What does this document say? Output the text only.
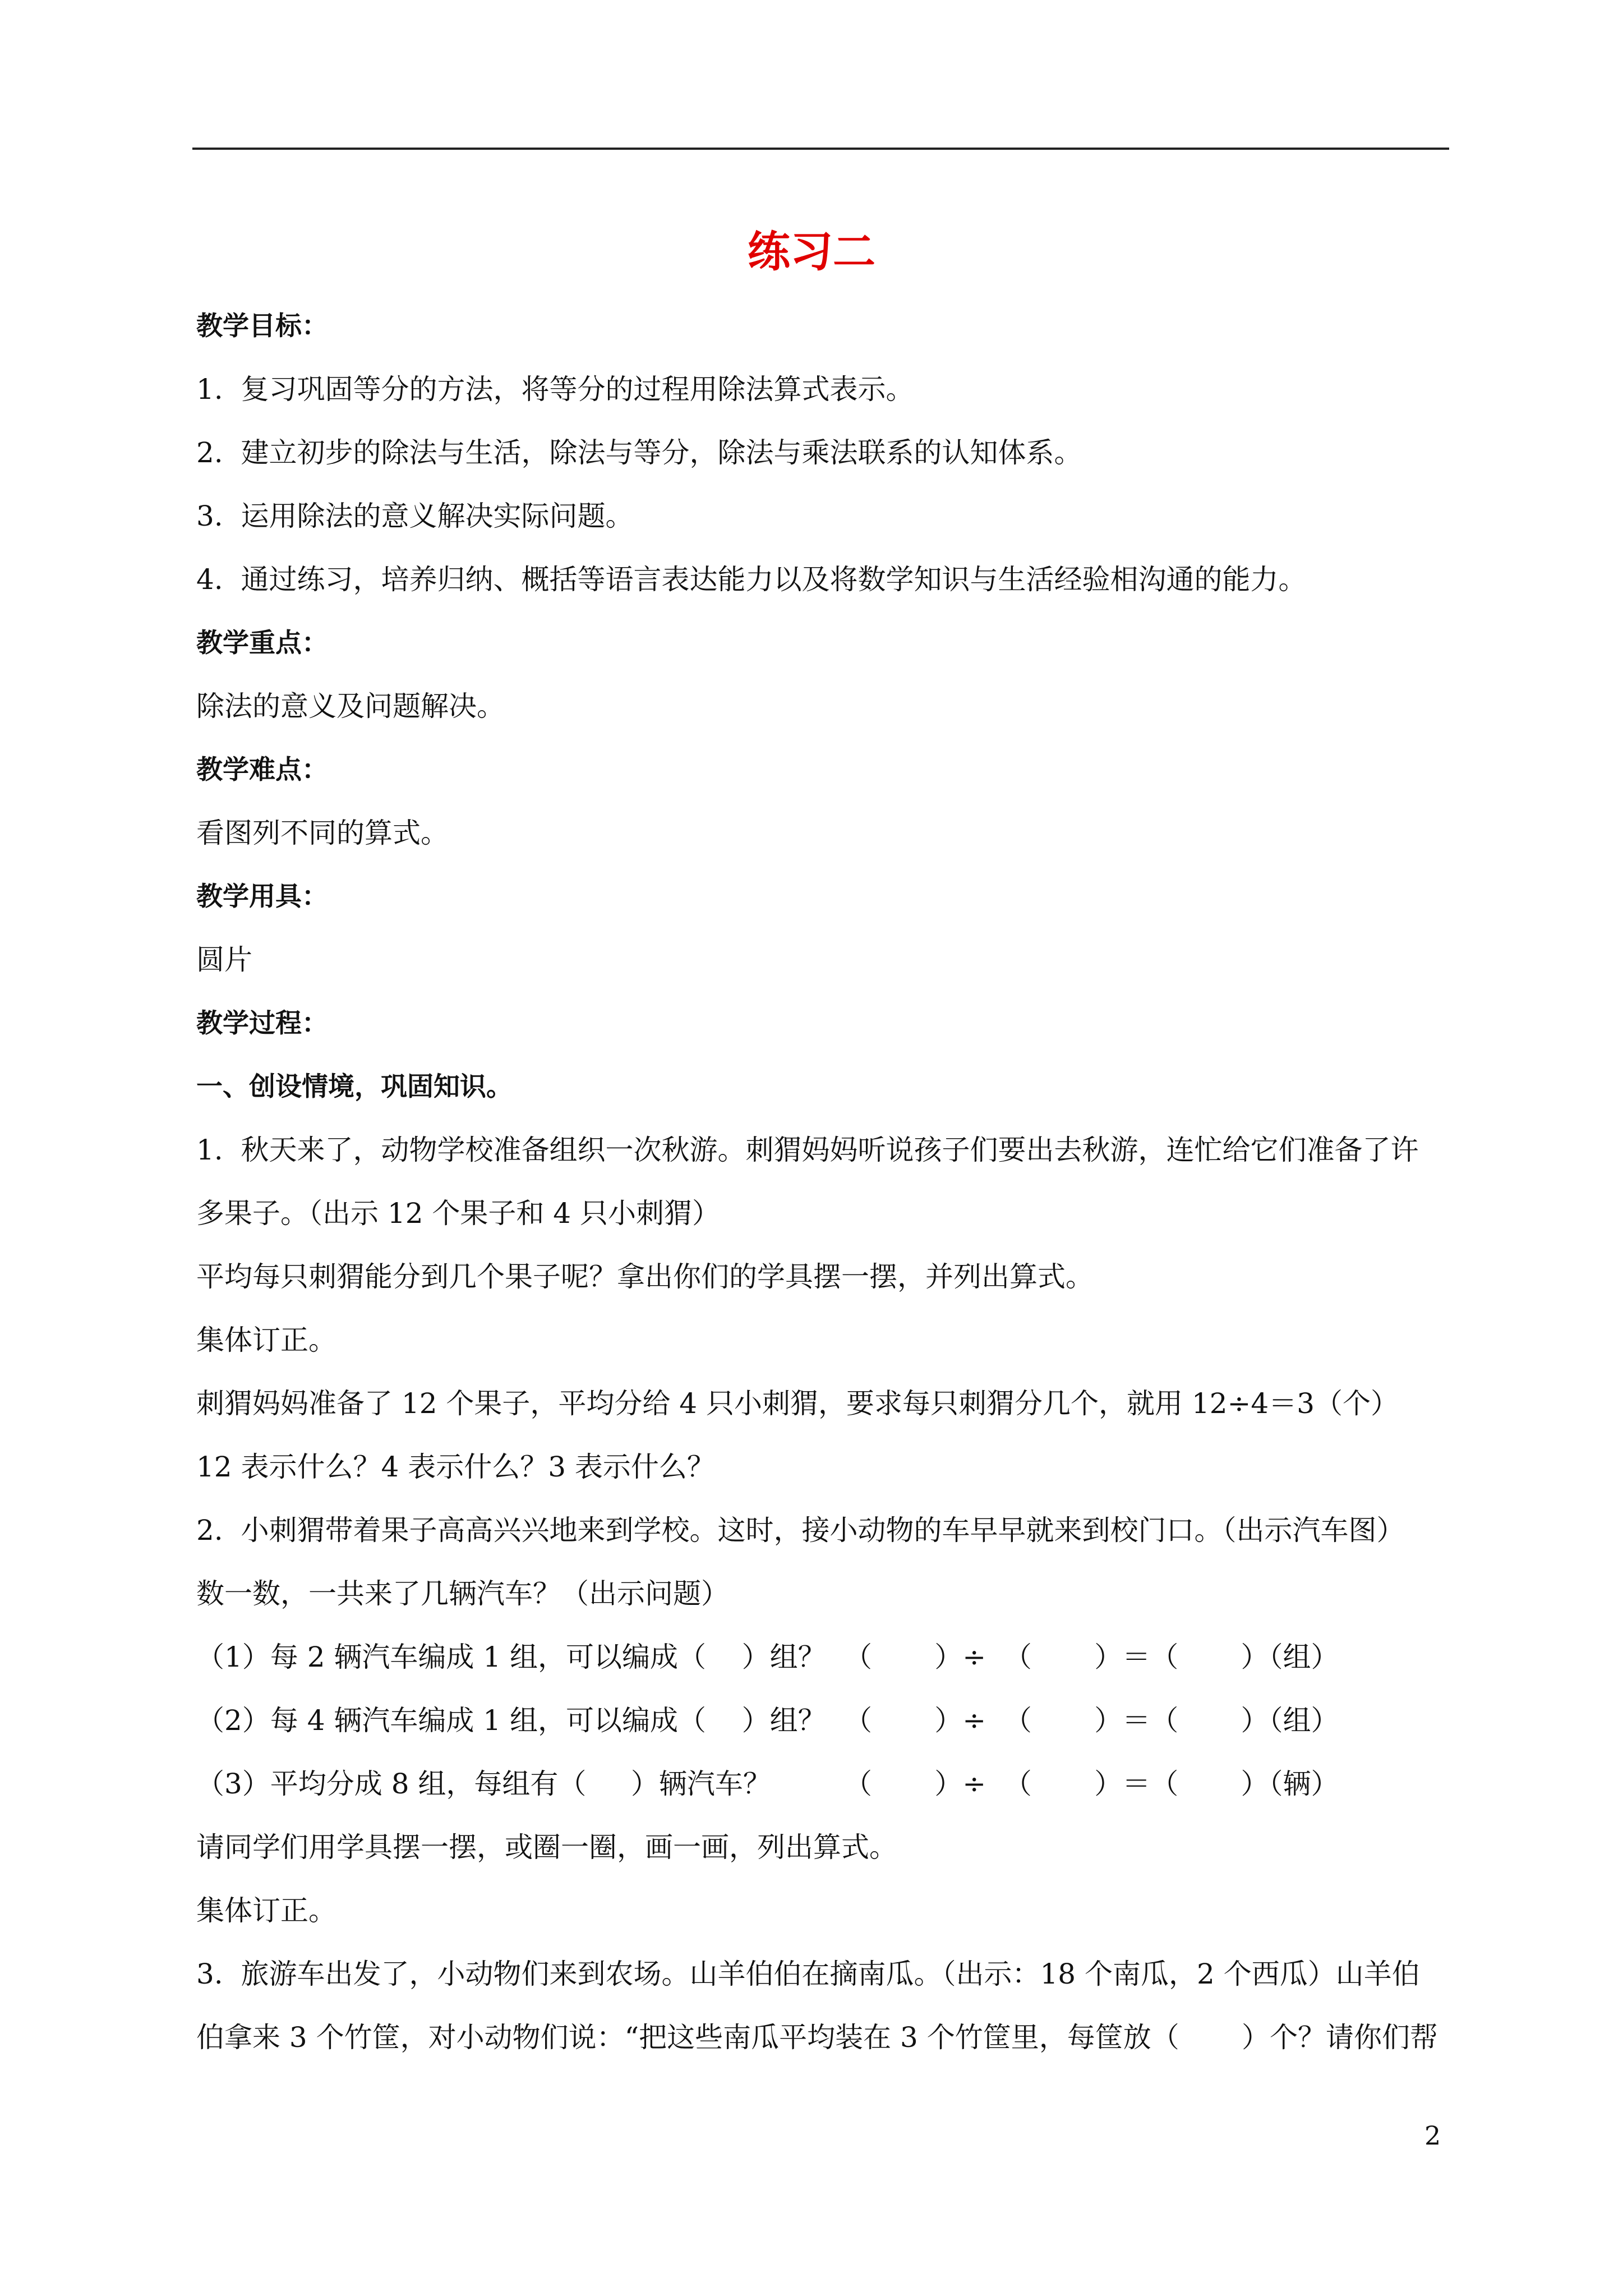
练习二
教学目标：
1.  复习巩固等分的方法，将等分的过程用除法算式表示。
2.  建立初步的除法与生活，除法与等分，除法与乘法联系的认知体系。
3.  运用除法的意义解决实际问题。
4.  通过练习，培养归纳、概括等语言表达能力以及将数学知识与生活经验相沟通的能力。
教学重点：
除法的意义及问题解决。
教学难点：
看图列不同的算式。
教学用具：
圆片
教学过程：
一、创设情境，巩固知识。
1.  秋天来了，动物学校准备组织一次秋游。刺猬妈妈听说孩子们要出去秋游，连忙给它们准备了许
多果子。（出示 12 个果子和 4 只小刺猬）
平均每只刺猬能分到几个果子呢？拿出你们的学具摆一摆，并列出算式。
集体订正。
刺猬妈妈准备了 12 个果子，平均分给 4 只小刺猬，要求每只刺猬分几个，就用 12÷4＝3（个）
12 表示什么？4 表示什么？3 表示什么？
2.  小刺猬带着果子高高兴兴地来到学校。这时，接小动物的车早早就来到校门口。（出示汽车图）
数一数，一共来了几辆汽车？（出示问题）
（1）每 2 辆汽车编成 1 组，可以编成（    ）组？ （       ）÷  （       ）＝（       ）（组）
（2）每 4 辆汽车编成 1 组，可以编成（    ）组？ （       ）÷  （       ）＝（       ）（组）
（3）平均分成 8 组，每组有（     ）辆汽车？	（       ）÷  （       ）＝（       ）（辆）
请同学们用学具摆一摆，或圈一圈，画一画，列出算式。
集体订正。
3.  旅游车出发了，小动物们来到农场。山羊伯伯在摘南瓜。（出示：18 个南瓜，2 个西瓜）山羊伯
伯拿来 3 个竹筐，对小动物们说：“把这些南瓜平均装在 3 个竹筐里，每筐放（       ）个？请你们帮
2
